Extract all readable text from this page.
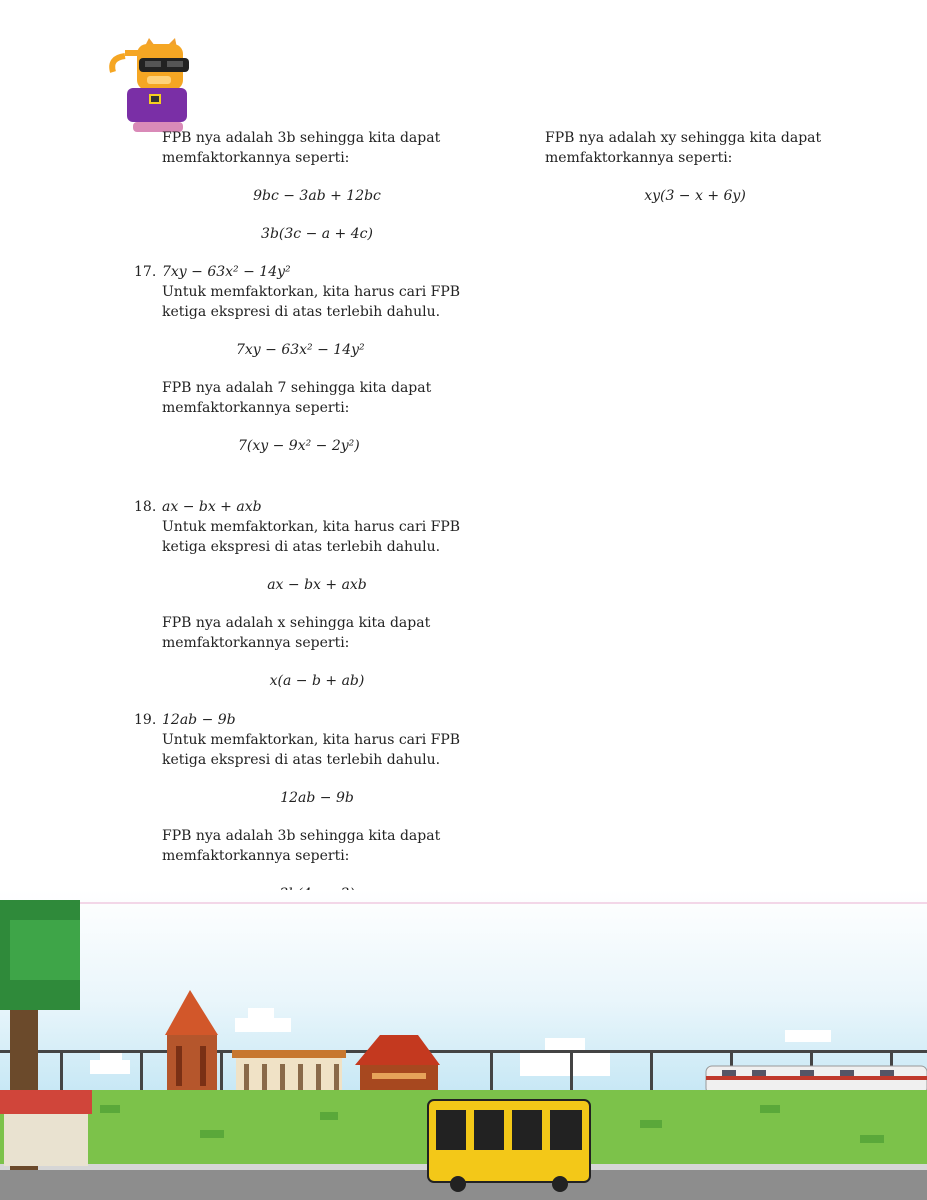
FPB nya adalah 3b sehingga kita dapat memfaktorkannya seperti:
9bc − 3ab + 12bc
3b(3c − a + 4c)
17. 7xy − 63x² − 14y²
Untuk memfaktorkan, kita harus cari FPB ketiga ekspresi di atas terlebih dahulu.
7xy − 63x² − 14y²
FPB nya adalah 7 sehingga kita dapat memfaktorkannya seperti:
7(xy − 9x² − 2y²)
18. ax − bx + axb
Untuk memfaktorkan, kita harus cari FPB ketiga ekspresi di atas terlebih dahulu.
ax − bx + axb
FPB nya adalah x sehingga kita dapat memfaktorkannya seperti:
x(a − b + ab)
19. 12ab − 9b
Untuk memfaktorkan, kita harus cari FPB ketiga ekspresi di atas terlebih dahulu.
12ab − 9b
FPB nya adalah 3b sehingga kita dapat memfaktorkannya seperti:
FPB nya adalah xy sehingga kita dapat memfaktorkannya seperti:
xy(3 − x + 6y)
